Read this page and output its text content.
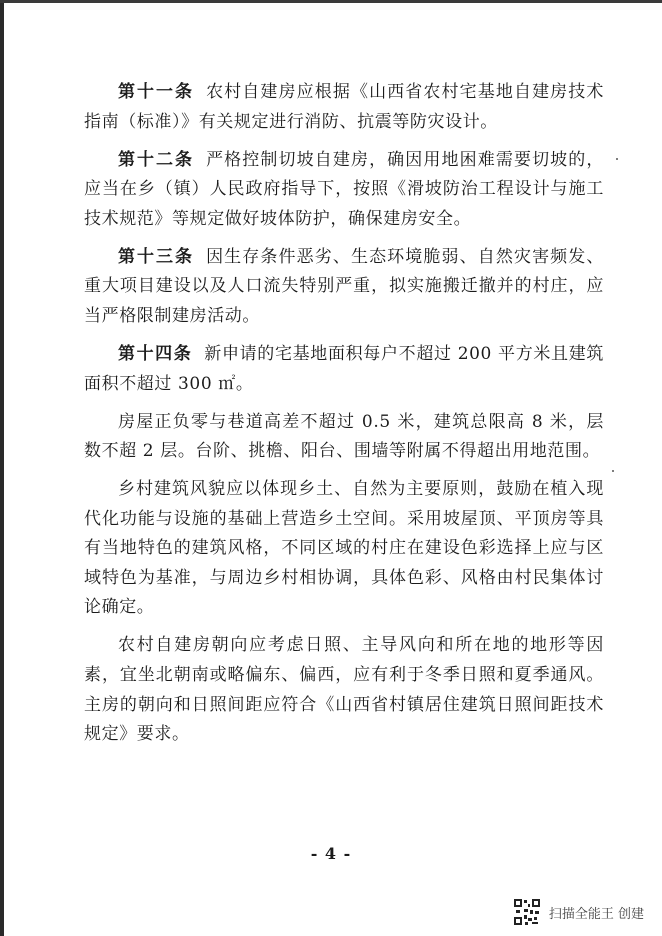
第十一条 农村自建房应根据《山西省农村宅基地自建房技术指南（标准）》有关规定进行消防、抗震等防灾设计。

第十二条 严格控制切坡自建房，确因用地困难需要切坡的，应当在乡（镇）人民政府指导下，按照《滑坡防治工程设计与施工技术规范》等规定做好坡体防护，确保建房安全。

第十三条 因生存条件恶劣、生态环境脆弱、自然灾害频发、重大项目建设以及人口流失特别严重，拟实施搬迁撤并的村庄，应当严格限制建房活动。

第十四条 新申请的宅基地面积每户不超过 200 平方米且建筑面积不超过 300 ㎡。

房屋正负零与巷道高差不超过 0.5 米，建筑总限高 8 米，层数不超 2 层。台阶、挑檐、阳台、围墙等附属不得超出用地范围。

乡村建筑风貌应以体现乡土、自然为主要原则，鼓励在植入现代化功能与设施的基础上营造乡土空间。采用坡屋顶、平顶房等具有当地特色的建筑风格，不同区域的村庄在建设色彩选择上应与区域特色为基准，与周边乡村相协调，具体色彩、风格由村民集体讨论确定。

农村自建房朝向应考虑日照、主导风向和所在地的地形等因素，宜坐北朝南或略偏东、偏西，应有利于冬季日照和夏季通风。主房的朝向和日照间距应符合《山西省村镇居住建筑日照间距技术规定》要求。

- 4 -
扫描全能王 创建
